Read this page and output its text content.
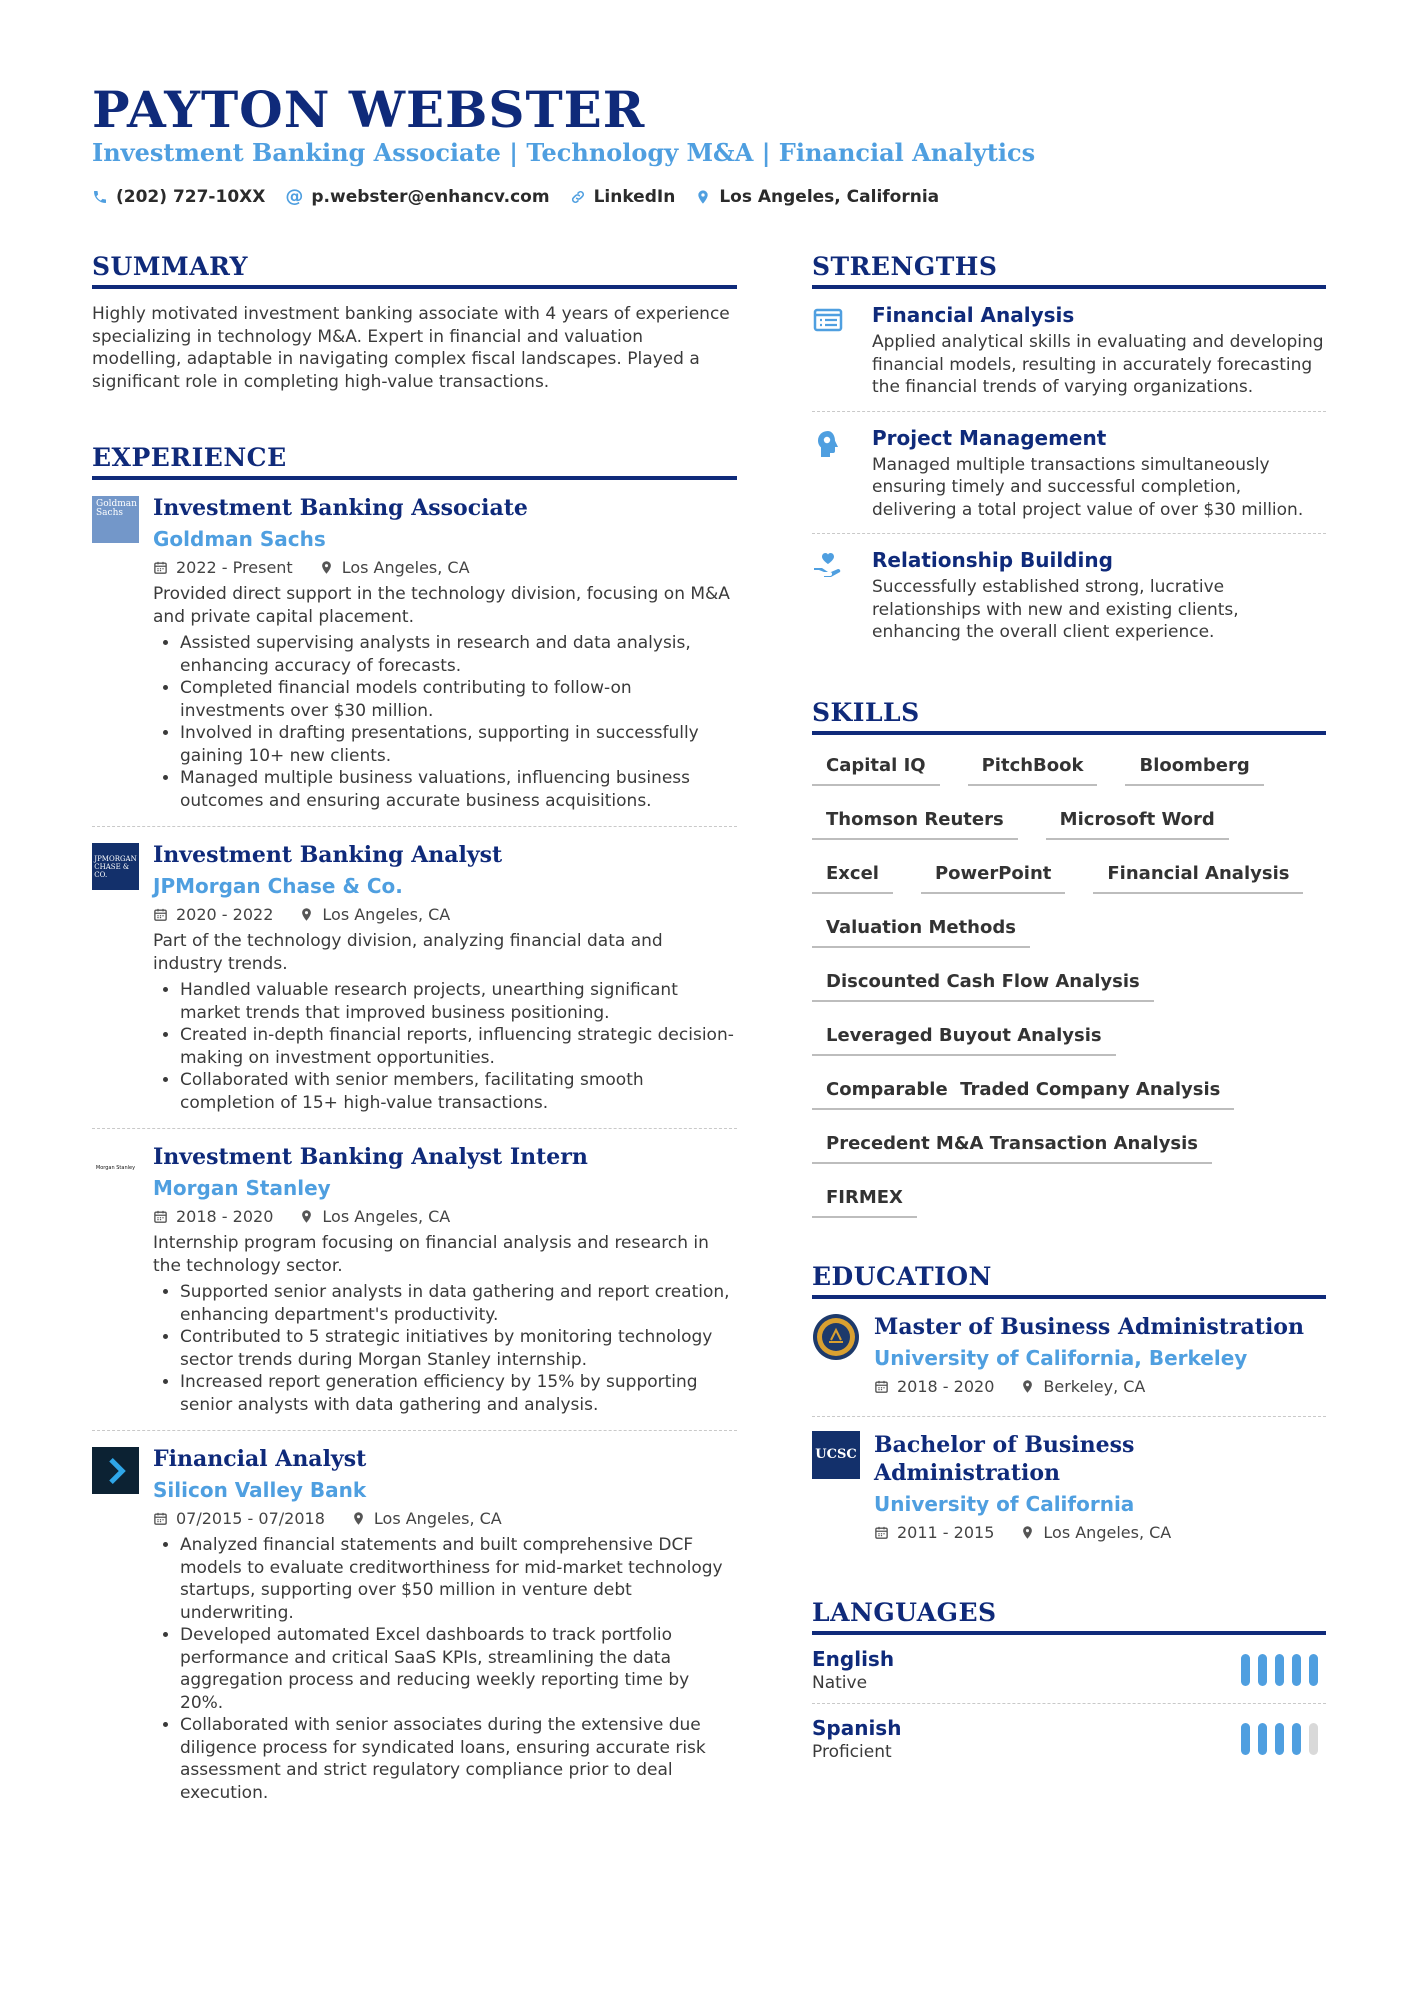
PAYTON WEBSTER

Investment Banking Associate | Technology M&A | Financial Analytics

(202) 727-10XX @ p.webster@enhancv.com	LinkedIn	Los Angeles, California
SUMMARY

Highly motivated investment banking associate with 4 years of experience specializing in technology M&A. Expert in financial and valuation modelling, adaptable in navigating complex fiscal landscapes. Played a significant role in completing high-value transactions.

EXPERIENCE
Goldman Sachs	Investment Banking Associate
Goldman Sachs
2022 - Present	Los Angeles, CA
Provided direct support in the technology division, focusing on M&A and private capital placement.
• Assisted supervising analysts in research and data analysis, enhancing accuracy of forecasts.
• Completed financial models contributing to follow-on investments over $30 million.
• Involved in drafting presentations, supporting in successfully gaining 10+ new clients.
• Managed multiple business valuations, influencing business outcomes and ensuring accurate business acquisitions.
JPMORGAN CHASE & CO.
Investment Banking Analyst
JPMorgan Chase & Co.
2020 - 2022	Los Angeles, CA
Part of the technology division, analyzing financial data and industry trends.
• Handled valuable research projects, unearthing significant market trends that improved business positioning.
• Created in-depth financial reports, influencing strategic decision-making on investment opportunities.
• Collaborated with senior members, facilitating smooth completion of 15+ high-value transactions.
Morgan Stanley Investment Banking Analyst Intern
Morgan Stanley
2018 - 2020	Los Angeles, CA
Internship program focusing on financial analysis and research in the technology sector.
• Supported senior analysts in data gathering and report creation, enhancing department's productivity.
• Contributed to 5 strategic initiatives by monitoring technology sector trends during Morgan Stanley internship.
• Increased report generation efficiency by 15% by supporting senior analysts with data gathering and analysis.
Financial Analyst
Silicon Valley Bank
07/2015 - 07/2018	Los Angeles, CA
• Analyzed financial statements and built comprehensive DCF models to evaluate creditworthiness for mid-market technology startups, supporting over $50 million in venture debt underwriting.
• Developed automated Excel dashboards to track portfolio performance and critical SaaS KPIs, streamlining the data aggregation process and reducing weekly reporting time by 20%.
• Collaborated with senior associates during the extensive due diligence process for syndicated loans, ensuring accurate risk assessment and strict regulatory compliance prior to deal execution.
STRENGTHS
Financial Analysis
Applied analytical skills in evaluating and developing financial models, resulting in accurately forecasting the financial trends of varying organizations.
Project Management
Managed multiple transactions simultaneously ensuring timely and successful completion, delivering a total project value of over $30 million.
Relationship Building
Successfully established strong, lucrative relationships with new and existing clients, enhancing the overall client experience.
SKILLS
Capital IQ	PitchBook	Bloomberg
Thomson Reuters	Microsoft Word
Excel	PowerPoint	Financial Analysis
Valuation Methods
Discounted Cash Flow Analysis
Leveraged Buyout Analysis
Comparable  Traded Company Analysis
Precedent M&A Transaction Analysis
FIRMEX
EDUCATION
Master of Business Administration
University of California, Berkeley
2018 - 2020	Berkeley, CA
UCSC Bachelor of Business Administration
University of California
2011 - 2015	Los Angeles, CA
LANGUAGES
English
Native
Spanish
Proficient
